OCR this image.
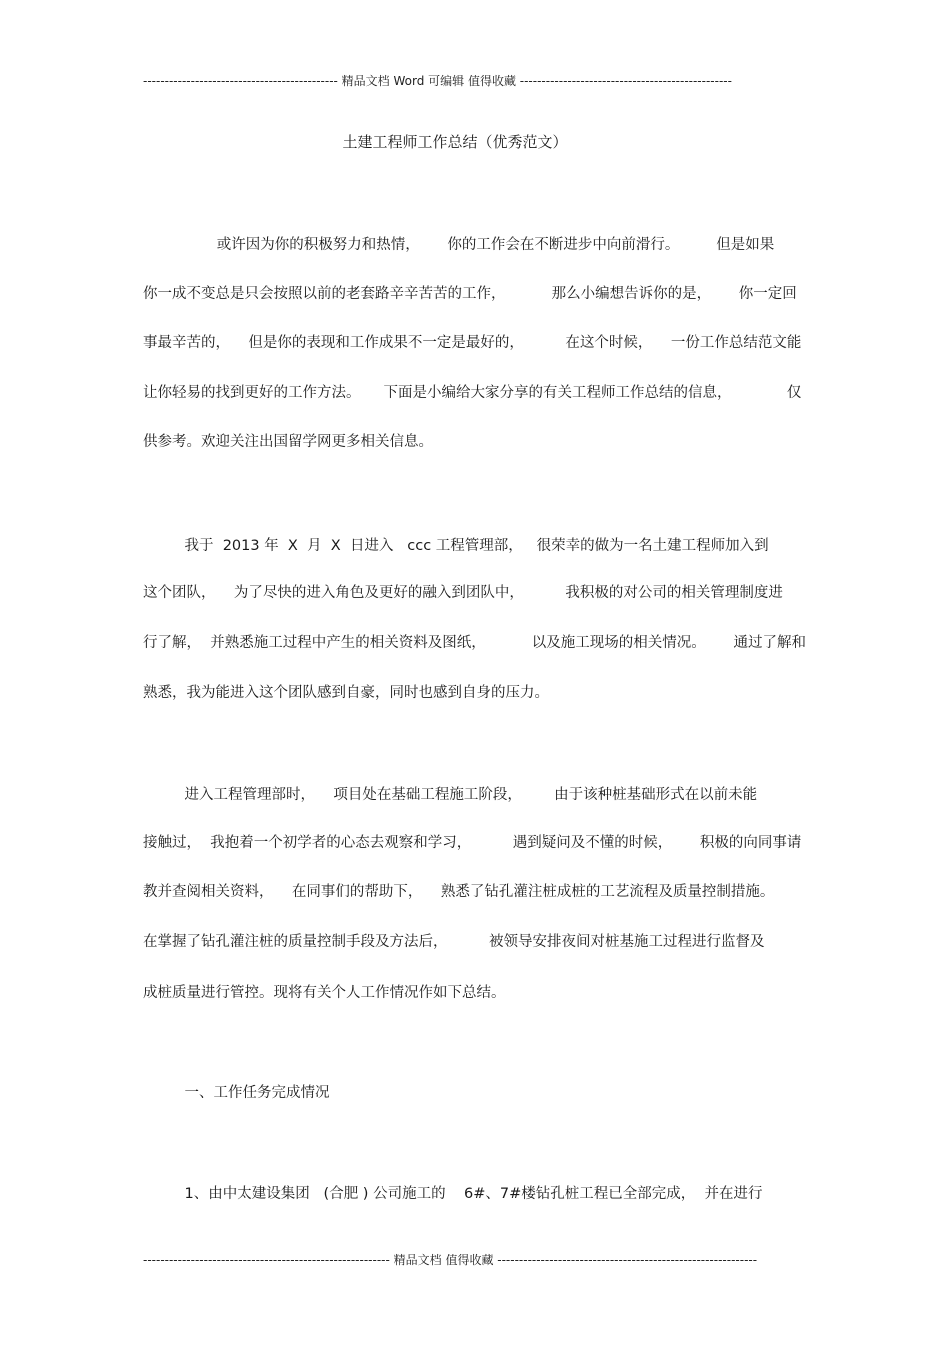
--------------------------------------------- 精品文档 Word 可编辑 值得收藏 -------------------------------------------------
土建工程师工作总结（优秀范文）
或许因为你的积极努力和热情，      你的工作会在不断进步中向前滑行。        但是如果
你一成不变总是只会按照以前的老套路辛辛苦苦的工作，          那么小编想告诉你的是，      你一定回
事最辛苦的，    但是你的表现和工作成果不一定是最好的，         在这个时候，    一份工作总结范文能
让你轻易的找到更好的工作方法。     下面是小编给大家分享的有关工程师工作总结的信息，            仅
供参考。欢迎关注出国留学网更多相关信息。
我于  2013 年  X  月  X  日进入   ccc 工程管理部，   很荣幸的做为一名土建工程师加入到
这个团队，    为了尽快的进入角色及更好的融入到团队中，         我积极的对公司的相关管理制度进
行了解，  并熟悉施工过程中产生的相关资料及图纸，          以及施工现场的相关情况。      通过了解和
熟悉，我为能进入这个团队感到自豪，同时也感到自身的压力。
进入工程管理部时，    项目处在基础工程施工阶段，       由于该种桩基础形式在以前未能
接触过，  我抱着一个初学者的心态去观察和学习，         遇到疑问及不懂的时候，      积极的向同事请
教并查阅相关资料，    在同事们的帮助下，    熟悉了钻孔灌注桩成桩的工艺流程及质量控制措施。
在掌握了钻孔灌注桩的质量控制手段及方法后，         被领导安排夜间对桩基施工过程进行监督及
成桩质量进行管控。现将有关个人工作情况作如下总结。
一、工作任务完成情况
1、由中太建设集团   (合肥 ) 公司施工的    6#、7#楼钻孔桩工程已全部完成，  并在进行
--------------------------------------------------------- 精品文档 值得收藏 ------------------------------------------------------------
